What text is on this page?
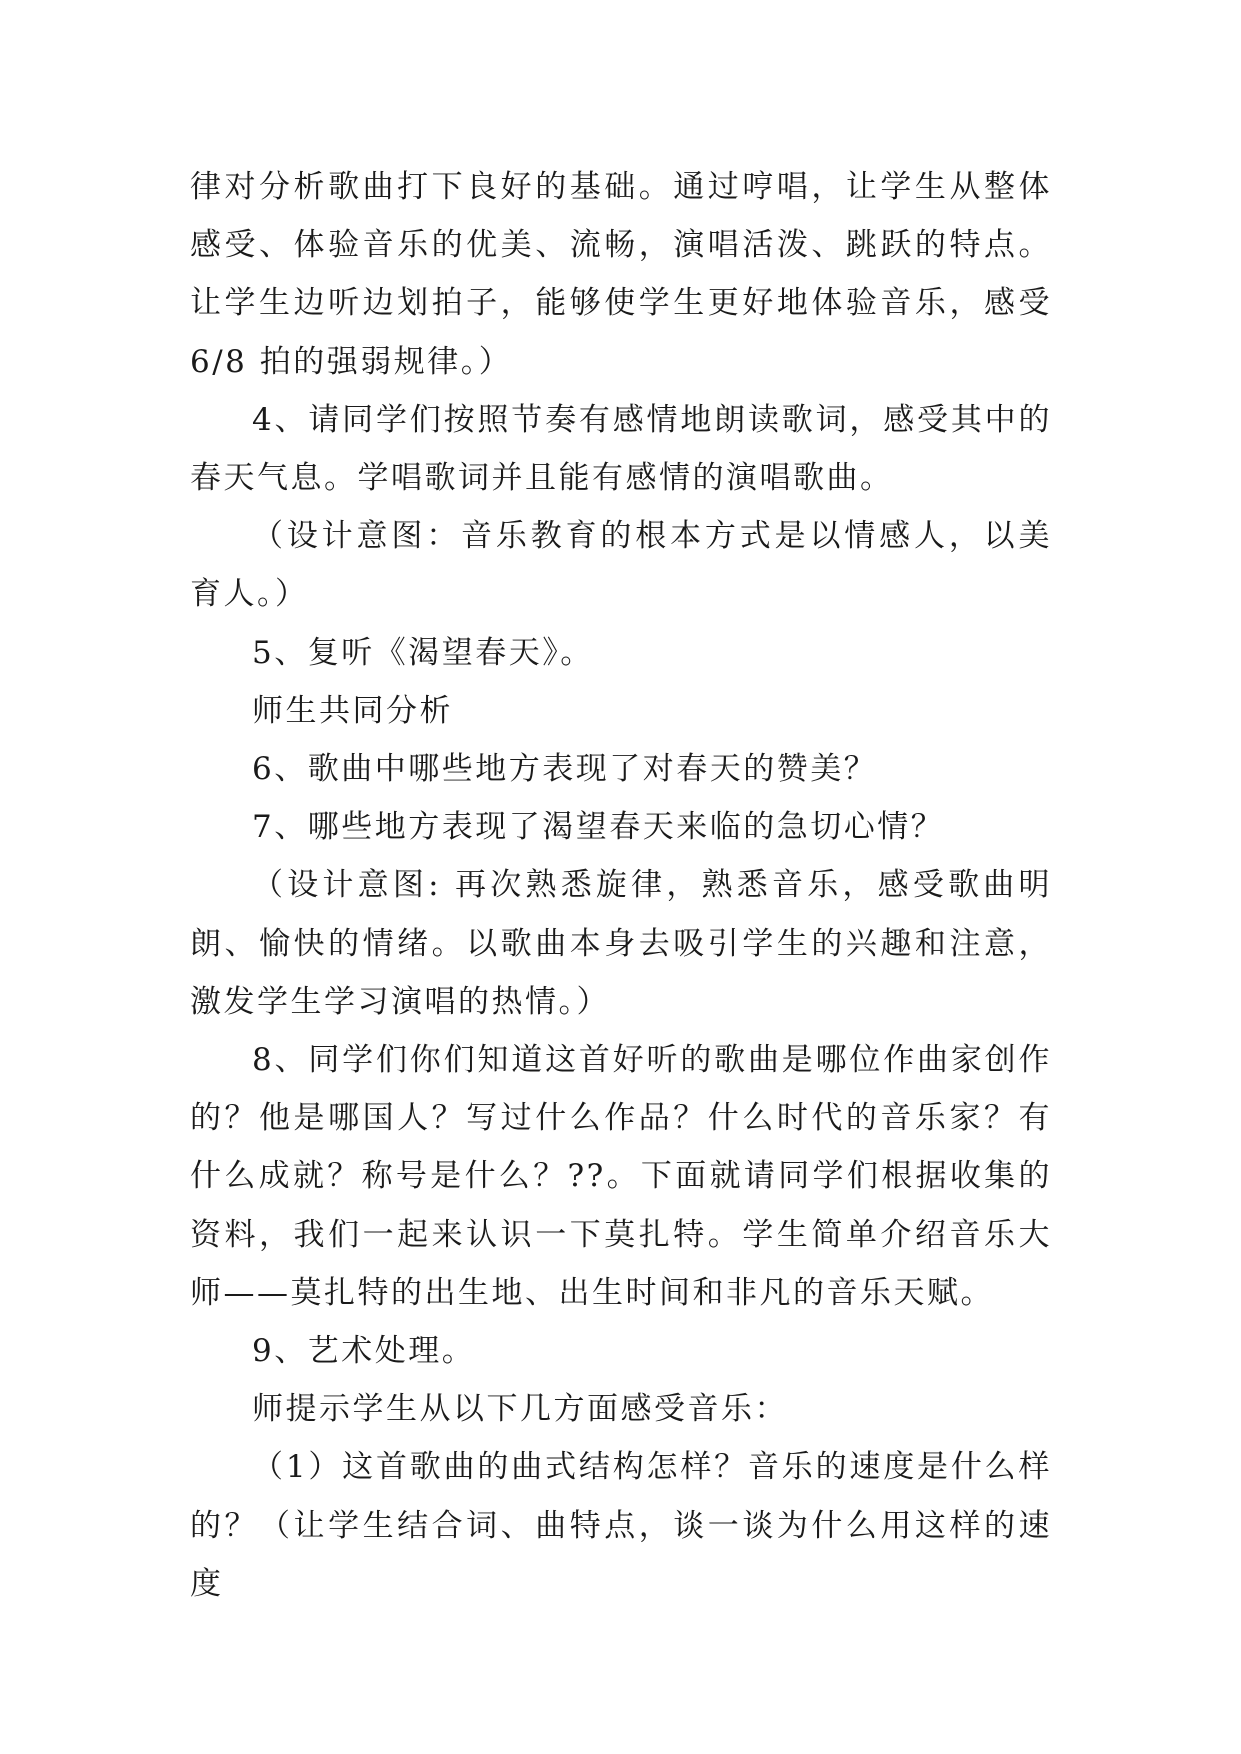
律对分析歌曲打下良好的基础。通过哼唱，让学生从整体感受、体验音乐的优美、流畅，演唱活泼、跳跃的特点。让学生边听边划拍子，能够使学生更好地体验音乐，感受 6/8 拍的强弱规律。）

4、请同学们按照节奏有感情地朗读歌词，感受其中的春天气息。学唱歌词并且能有感情的演唱歌曲。

（设计意图：音乐教育的根本方式是以情感人，以美育人。）

5、复听《渴望春天》。

师生共同分析

6、歌曲中哪些地方表现了对春天的赞美？

7、哪些地方表现了渴望春天来临的急切心情？

（设计意图: 再次熟悉旋律，熟悉音乐，感受歌曲明朗、愉快的情绪。以歌曲本身去吸引学生的兴趣和注意，激发学生学习演唱的热情。）

8、同学们你们知道这首好听的歌曲是哪位作曲家创作的？他是哪国人？写过什么作品？什么时代的音乐家？有什么成就？称号是什么？??。下面就请同学们根据收集的资料，我们一起来认识一下莫扎特。学生简单介绍音乐大师——莫扎特的出生地、出生时间和非凡的音乐天赋。

9、艺术处理。

师提示学生从以下几方面感受音乐：

（1）这首歌曲的曲式结构怎样？音乐的速度是什么样的？（让学生结合词、曲特点，谈一谈为什么用这样的速度
